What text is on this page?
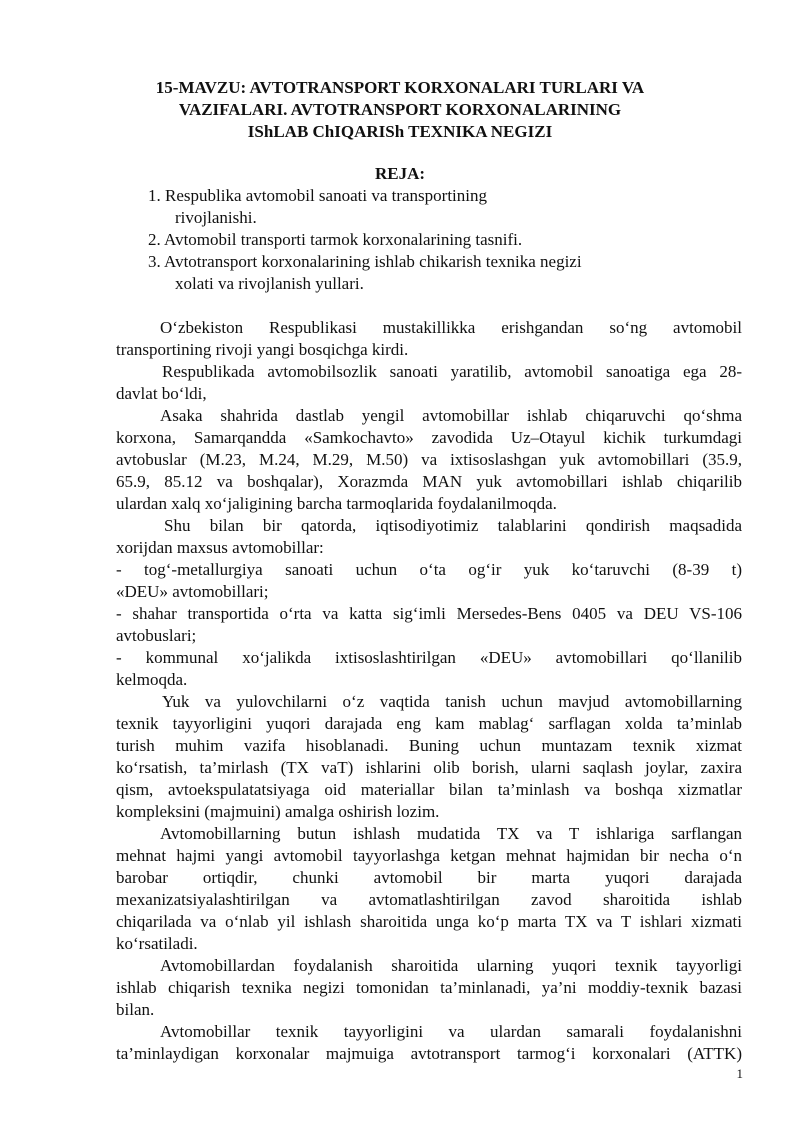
15-MAVZU: AVTOTRANSPORT KORXONALARI TURLARI VA
VAZIFALARI. AVTOTRANSPORT KORXONALARINING
IShLAB ChIQARISh TEXNIKA NEGIZI
REJA:
1. Respublika avtomobil sanoati va transportining
rivojlanishi.
2. Avtomobil transporti tarmok korxonalarining tasnifi.
3. Avtotransport korxonalarining ishlab chikarish texnika negizi
xolati va rivojlanish yullari.
O‘zbekiston Respublikasi mustakillikka erishgandan so‘ng avtomobil
transportining rivoji yangi bosqichga kirdi.
Respublikada avtomobilsozlik sanoati yaratilib, avtomobil sanoatiga ega 28-
davlat bo‘ldi,
Asaka shahrida dastlab yengil avtomobillar ishlab chiqaruvchi qo‘shma
korxona, Samarqandda «Samkochavto» zavodida Uz–Otayul kichik turkumdagi
avtobuslar (M.23, M.24, M.29, M.50) va ixtisoslashgan yuk avtomobillari (35.9,
65.9, 85.12 va boshqalar), Xorazmda MAN yuk avtomobillari ishlab chiqarilib
ulardan xalq xo‘jaligining barcha tarmoqlarida foydalanilmoqda.
Shu bilan bir qatorda, iqtisodiyotimiz talablarini qondirish maqsadida
xorijdan maxsus avtomobillar:
- tog‘-metallurgiya sanoati uchun o‘ta og‘ir yuk ko‘taruvchi (8-39 t)
«DEU» avtomobillari;
- shahar transportida o‘rta va katta sig‘imli Mersedes-Bens 0405 va DEU VS-106
avtobuslari;
- kommunal xo‘jalikda ixtisoslashtirilgan «DEU» avtomobillari qo‘llanilib
kelmoqda.
Yuk va yulovchilarni o‘z vaqtida tanish uchun mavjud avtomobillarning
texnik tayyorligini yuqori darajada eng kam mablag‘ sarflagan xolda ta’minlab
turish muhim vazifa hisoblanadi. Buning uchun muntazam texnik xizmat
ko‘rsatish, ta’mirlash (TX vaT) ishlarini olib borish, ularni saqlash joylar, zaxira
qism, avtoekspulatatsiyaga oid materiallar bilan ta’minlash va boshqa xizmatlar
kompleksini (majmuini) amalga oshirish lozim.
Avtomobillarning butun ishlash mudatida TX va T ishlariga sarflangan
mehnat hajmi yangi avtomobil tayyorlashga ketgan mehnat hajmidan bir necha o‘n
barobar ortiqdir, chunki avtomobil bir marta yuqori darajada
mexanizatsiyalashtirilgan va avtomatlashtirilgan zavod sharoitida ishlab
chiqarilada va o‘nlab yil ishlash sharoitida unga ko‘p marta TX va T ishlari xizmati
ko‘rsatiladi.
Avtomobillardan foydalanish sharoitida ularning yuqori texnik tayyorligi
ishlab chiqarish texnika negizi tomonidan ta’minlanadi, ya’ni moddiy-texnik bazasi
bilan.
Avtomobillar texnik tayyorligini va ulardan samarali foydalanishni
ta’minlaydigan korxonalar majmuiga avtotransport tarmog‘i korxonalari (ATTK)
1
